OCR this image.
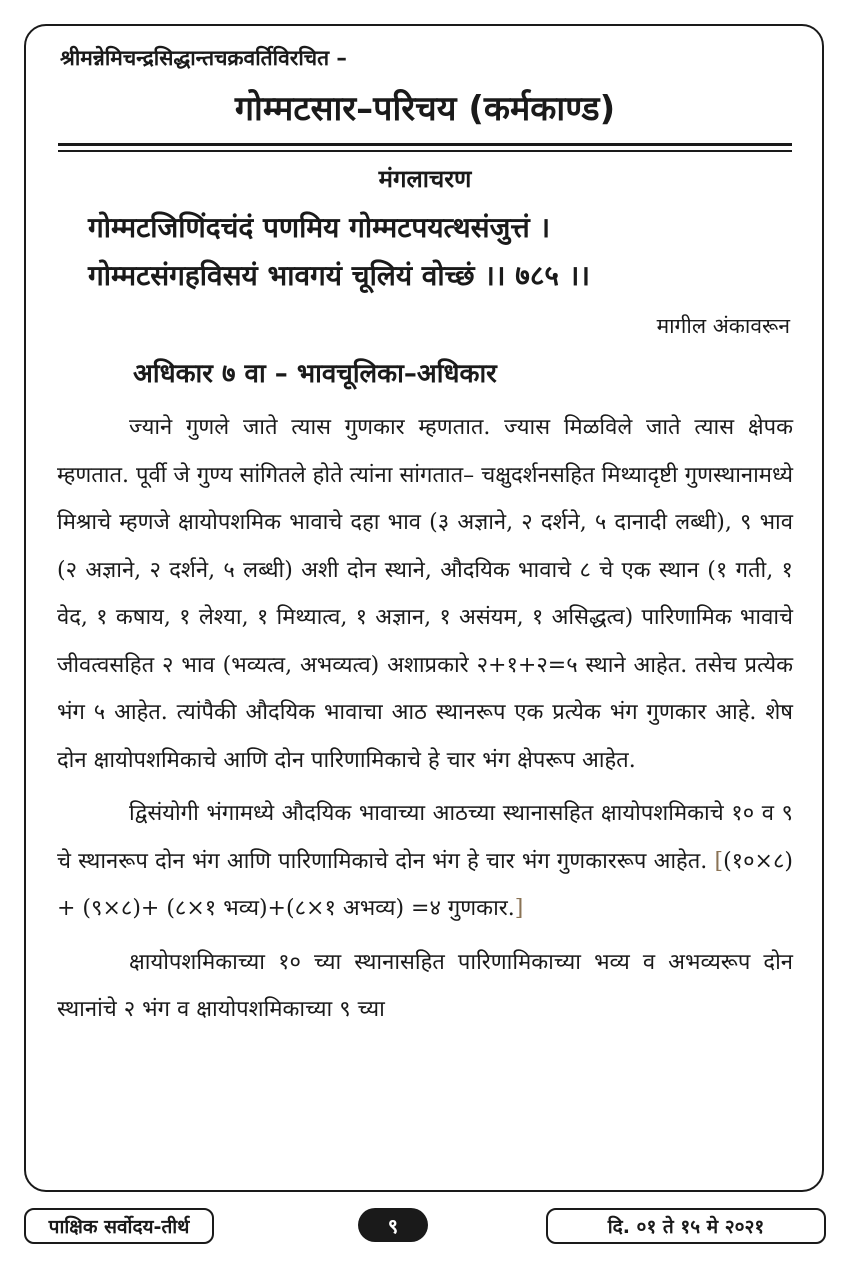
श्रीमन्नेमिचन्द्रसिद्धान्तचक्रवर्तिविरचित –
गोम्मटसार–परिचय (कर्मकाण्ड)
मंगलाचरण
गोम्मटजिणिंदचंदं पणमिय गोम्मटपयत्थसंजुत्तं ।
गोम्मटसंगहविसयं भावगयं चूलियं वोच्छं ।। ७८५ ।।
मागील अंकावरून
अधिकार ७ वा – भावचूलिका–अधिकार

ज्याने गुणले जाते त्यास गुणकार म्हणतात. ज्यास मिळविले जाते त्यास क्षेपक म्हणतात. पूर्वी जे गुण्य सांगितले होते त्यांना सांगतात– चक्षुदर्शनसहित मिथ्यादृष्टी गुणस्थानामध्ये मिश्राचे म्हणजे क्षायोपशमिक भावाचे दहा भाव (३ अज्ञाने, २ दर्शने, ५ दानादी लब्धी), ९ भाव (२ अज्ञाने, २ दर्शने, ५ लब्धी) अशी दोन स्थाने, औदयिक भावाचे ८ चे एक स्थान (१ गती, १ वेद, १ कषाय, १ लेश्या, १ मिथ्यात्व, १ अज्ञान, १ असंयम, १ असिद्धत्व) पारिणामिक भावाचे जीवत्वसहित २ भाव (भव्यत्व, अभव्यत्व) अशाप्रकारे २+१+२=५ स्थाने आहेत. तसेच प्रत्येक भंग ५ आहेत. त्यांपैकी औदयिक भावाचा आठ स्थानरूप एक प्रत्येक भंग गुणकार आहे. शेष दोन क्षायोपशमिकाचे आणि दोन पारिणामिकाचे हे चार भंग क्षेपरूप आहेत.

द्विसंयोगी भंगामध्ये औदयिक भावाच्या आठच्या स्थानासहित क्षायोपशमिकाचे १० व ९ चे स्थानरूप दोन भंग आणि पारिणामिकाचे दोन भंग हे चार भंग गुणकाररूप आहेत. [(१०×८) + (९×८)+ (८×१ भव्य)+(८×१ अभव्य) =४ गुणकार.]

क्षायोपशमिकाच्या १० च्या स्थानासहित पारिणामिकाच्या भव्य व अभव्यरूप दोन स्थानांचे २ भंग व क्षायोपशमिकाच्या ९ च्या

पाक्षिक सर्वोदय-तीर्थ	९	दि. ०१ ते १५ मे २०२१
